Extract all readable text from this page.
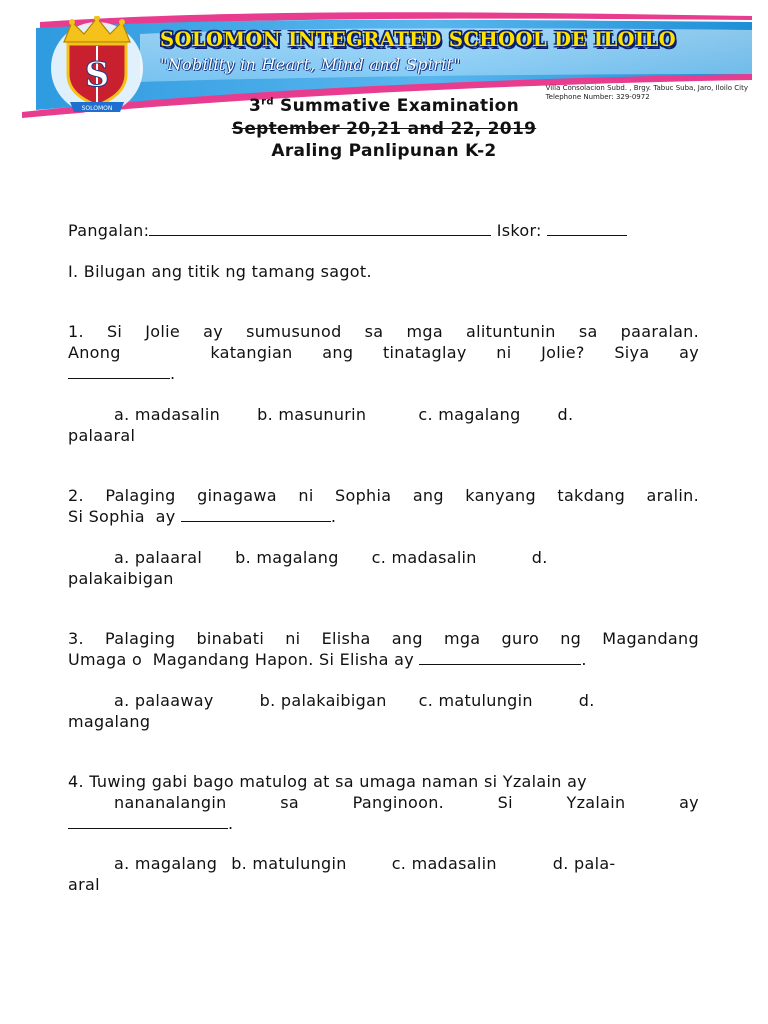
S
SOLOMON
SOLOMON INTEGRATED SCHOOL DE ILOILO
"Nobility in Heart, Mind and Spirit"
Villa Consolacion Subd. , Brgy. Tabuc Suba, Jaro, Iloilo City
Telephone Number: 329-0972
3rd Summative Examination
September 20,21 and 22, 2019
Araling Panlipunan K-2
Pangalan:	Iskor:
I. Bilugan ang titik ng tamang sagot.
1. Si Jolie ay sumusunod sa mga alituntunin sa paaralan.
Anong	katangian ang tinataglay ni Jolie? Siya ay
.
a. madasalin b. masunurin	c. magalang d.
palaaral
2. Palaging ginagawa ni Sophia ang kanyang takdang aralin.
Si Sophia  ay	.
a. palaaral b. magalang c. madasalin	d.
palakaibigan
3. Palaging binabati ni Elisha ang mga guro ng Magandang
Umaga o  Magandang Hapon. Si Elisha ay	.
a. palaaway	b. palakaibigan c. matulungin	d.
magalang
4. Tuwing gabi bago matulog at sa umaga naman si Yzalain ay
nananalangin	sa	Panginoon.	Si	Yzalain	ay
.
a. magalang b. matulungin	c. madasalin	d. pala-
aral
